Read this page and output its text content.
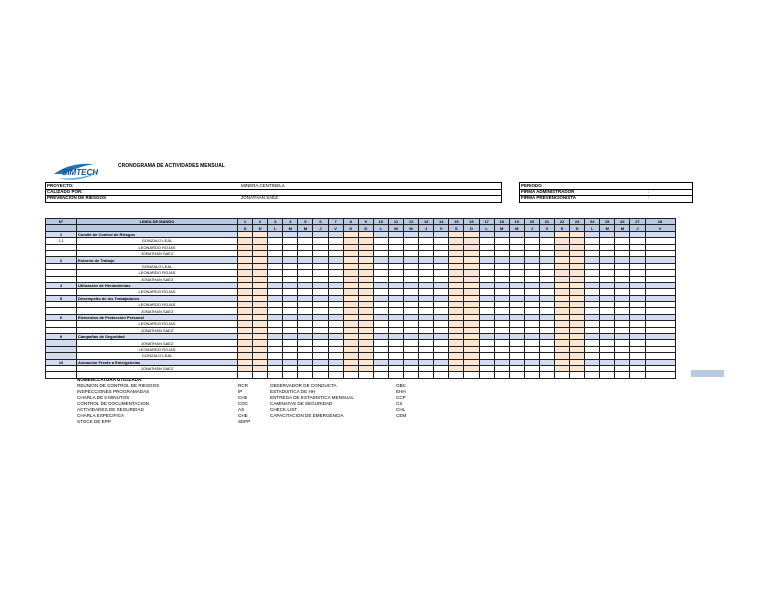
SIMTECH
CRONOGRAMA DE ACTIVIDADES MENSUAL
PROYECTO:	MINERA CENTINELA
CALIZADO POR:
PREVENCION DE RIESGOS	JONATHAN SAEZ
PERIODO
FIRMA ADMINISTRADOR	:
FIRMA PREVENCIONISTA	:
N°	LINEA DE MANDO	1	2	3	4	5	6	7	8	9	10	11	12	13	14	15	16	17	18	19	20	21	22	23	24	25	26	27	28
		S	D	L	M	M	J	V	S	D	L	M	M	J	V	S	D	L	M	M	J	V	S	D	L	M	M	J	V
1	Comité de Control de Riesgos																												
1,1	GONZALO LEAL																												
	LEONARDO ROJAS																												
	JONATHAN SAEZ																												
2	Entorno de Trabajo																												
	GONZALO LEAL																												
	LEONARDO ROJAS																												
	JONATHAN SAEZ																												
4	Utilización de Herramientas																												
	LEONARDO ROJAS																												
5	Desempeño de los Trabajadores																												
	LEONARDO ROJAS																												
	JONATHAN SAEZ																												
6	Elementos de Protección Personal																												
	LEONARDO ROJAS																												
	JONATHAN SAEZ																												
9	Campañas de Seguridad																												
	JONATHAN SAEZ																												
	LEONARDO ROJAS																												
	GONZALO LEAL																												
10	Actuación Frente a Emergencias																												
	JONATHAN SAEZ																												

NOMENCLATURA UTILIZADA:
REUNION DE CONTROL DE RIESGOS	RCR	OBSERVADOR DE CONDUCTA	OBC
INSPECCIONES PROGRAMADAS	IP	ESTADISTICA DE HH	EHH
CHARLA DE 5 MINUTOS	CH5	ENTREGA DE ESTADISTICA MENSUAL	CCP
CONTROL DE DOCUMENTACION	CDC	CAMINATAS DE SEGURIDAD	CS
ACTIVIDADES DE SEGURIDAD	AS	CHECK LIST	CHL
CHARLA ESPECIFICA	CHE	CAPACITACION DE EMERGENCIA	CEM
STOCK DE EPP	SEPP
